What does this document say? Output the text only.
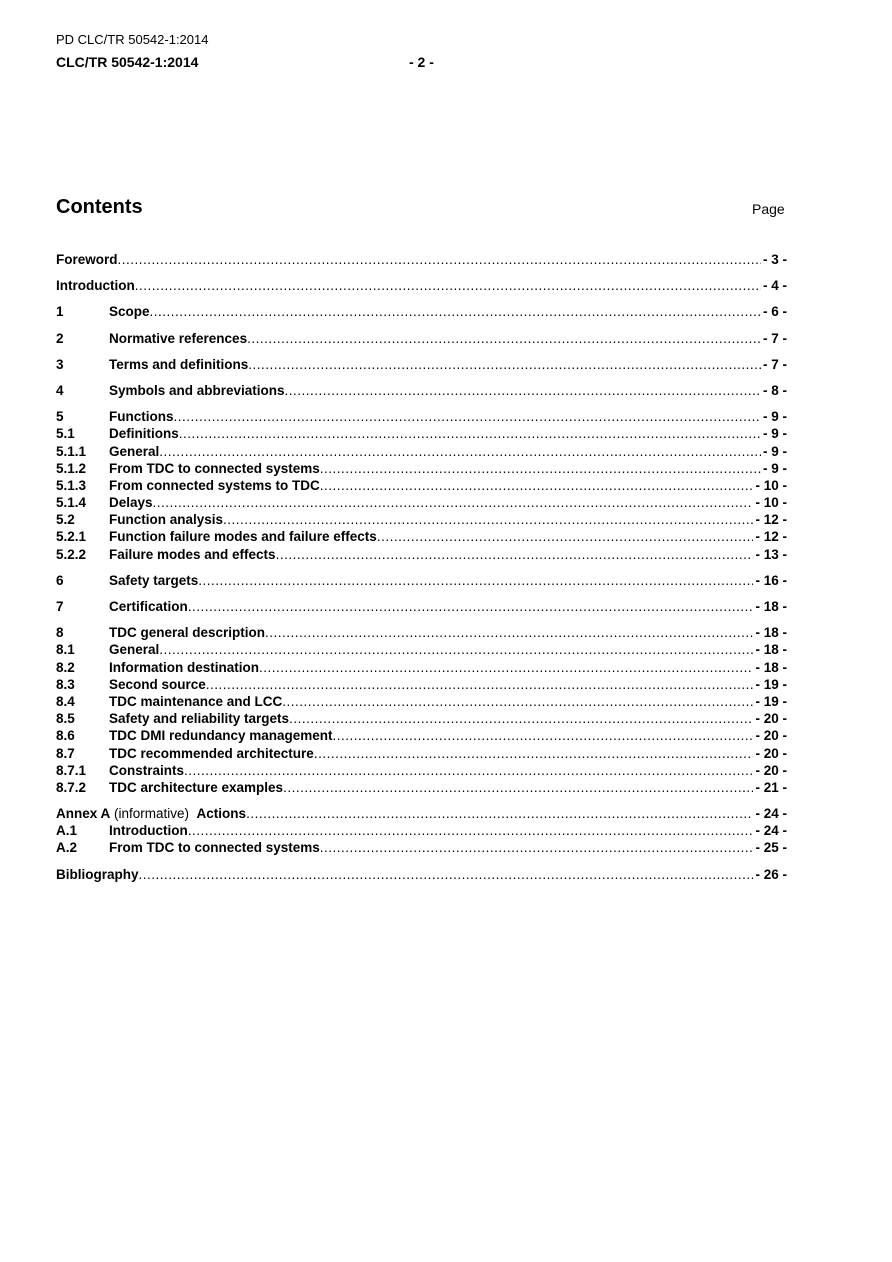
PD CLC/TR 50542-1:2014
CLC/TR 50542-1:2014	- 2 -
Contents	Page
Foreword .....	- 3 -
Introduction .....	- 4 -
1	Scope .....	- 6 -
2	Normative references .....	- 7 -
3	Terms and definitions .....	- 7 -
4	Symbols and abbreviations .....	- 8 -
5	Functions .....	- 9 -
5.1	Definitions .....	- 9 -
5.1.1	General .....	- 9 -
5.1.2	From TDC to connected systems .....	- 9 -
5.1.3	From connected systems to TDC .....	- 10 -
5.1.4	Delays .....	- 10 -
5.2	Function analysis .....	- 12 -
5.2.1	Function failure modes and failure effects .....	- 12 -
5.2.2	Failure modes and effects .....	- 13 -
6	Safety targets .....	- 16 -
7	Certification .....	- 18 -
8	TDC general description .....	- 18 -
8.1	General .....	- 18 -
8.2	Information destination .....	- 18 -
8.3	Second source .....	- 19 -
8.4	TDC maintenance and LCC .....	- 19 -
8.5	Safety and reliability targets .....	- 20 -
8.6	TDC DMI redundancy management .....	- 20 -
8.7	TDC recommended architecture .....	- 20 -
8.7.1	Constraints .....	- 20 -
8.7.2	TDC architecture examples .....	- 21 -
Annex A (informative)  Actions .....	- 24 -
A.1	Introduction .....	- 24 -
A.2	From TDC to connected systems .....	- 25 -
Bibliography .....	- 26 -
